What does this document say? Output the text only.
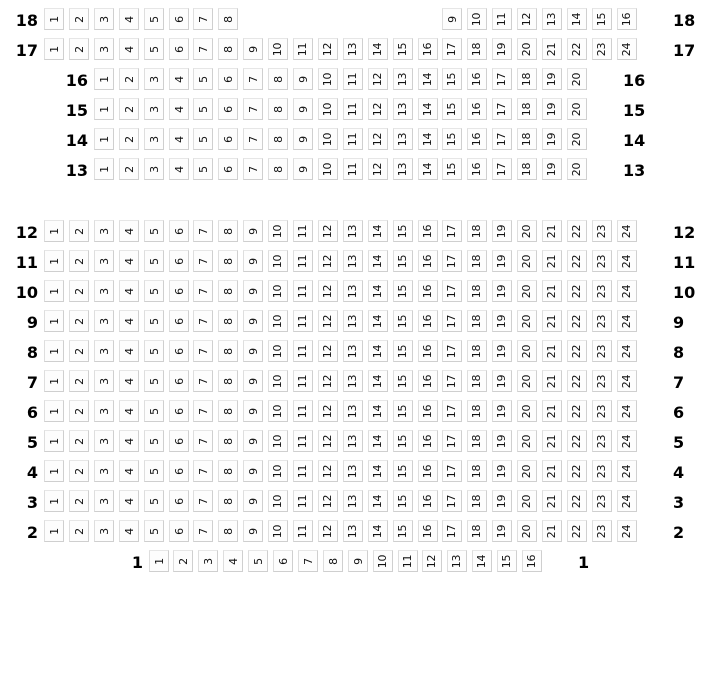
18 1 2 3 4 5 6 7 8	9 10 11 12 13 14 15 16 18
17 1 2 3 4 5 6 7 8 9 10 11 12 13 14 15 16 17 18 19 20 21 22 23 24 17
16 1 2 3 4 5 6 7 8 9 10 11 12 13 14 15 16 17 18 19 20 16
15 1 2 3 4 5 6 7 8 9 10 11 12 13 14 15 16 17 18 19 20 15
14 1 2 3 4 5 6 7 8 9 10 11 12 13 14 15 16 17 18 19 20 14
13 1 2 3 4 5 6 7 8 9 10 11 12 13 14 15 16 17 18 19 20 13
12 1 2 3 4 5 6 7 8 9 10 11 12 13 14 15 16 17 18 19 20 21 22 23 24 12
11 1 2 3 4 5 6 7 8 9 10 11 12 13 14 15 16 17 18 19 20 21 22 23 24 11
10 1 2 3 4 5 6 7 8 9 10 11 12 13 14 15 16 17 18 19 20 21 22 23 24 10
9 1 2 3 4 5 6 7 8 9 10 11 12 13 14 15 16 17 18 19 20 21 22 23 24 9
8 1 2 3 4 5 6 7 8 9 10 11 12 13 14 15 16 17 18 19 20 21 22 23 24 8
7 1 2 3 4 5 6 7 8 9 10 11 12 13 14 15 16 17 18 19 20 21 22 23 24 7
6 1 2 3 4 5 6 7 8 9 10 11 12 13 14 15 16 17 18 19 20 21 22 23 24 6
5 1 2 3 4 5 6 7 8 9 10 11 12 13 14 15 16 17 18 19 20 21 22 23 24 5
4 1 2 3 4 5 6 7 8 9 10 11 12 13 14 15 16 17 18 19 20 21 22 23 24 4
3 1 2 3 4 5 6 7 8 9 10 11 12 13 14 15 16 17 18 19 20 21 22 23 24 3
2 1 2 3 4 5 6 7 8 9 10 11 12 13 14 15 16 17 18 19 20 21 22 23 24 2
1 1 2 3 4 5 6 7 8 9 10 11 12 13 14 15 16 1
